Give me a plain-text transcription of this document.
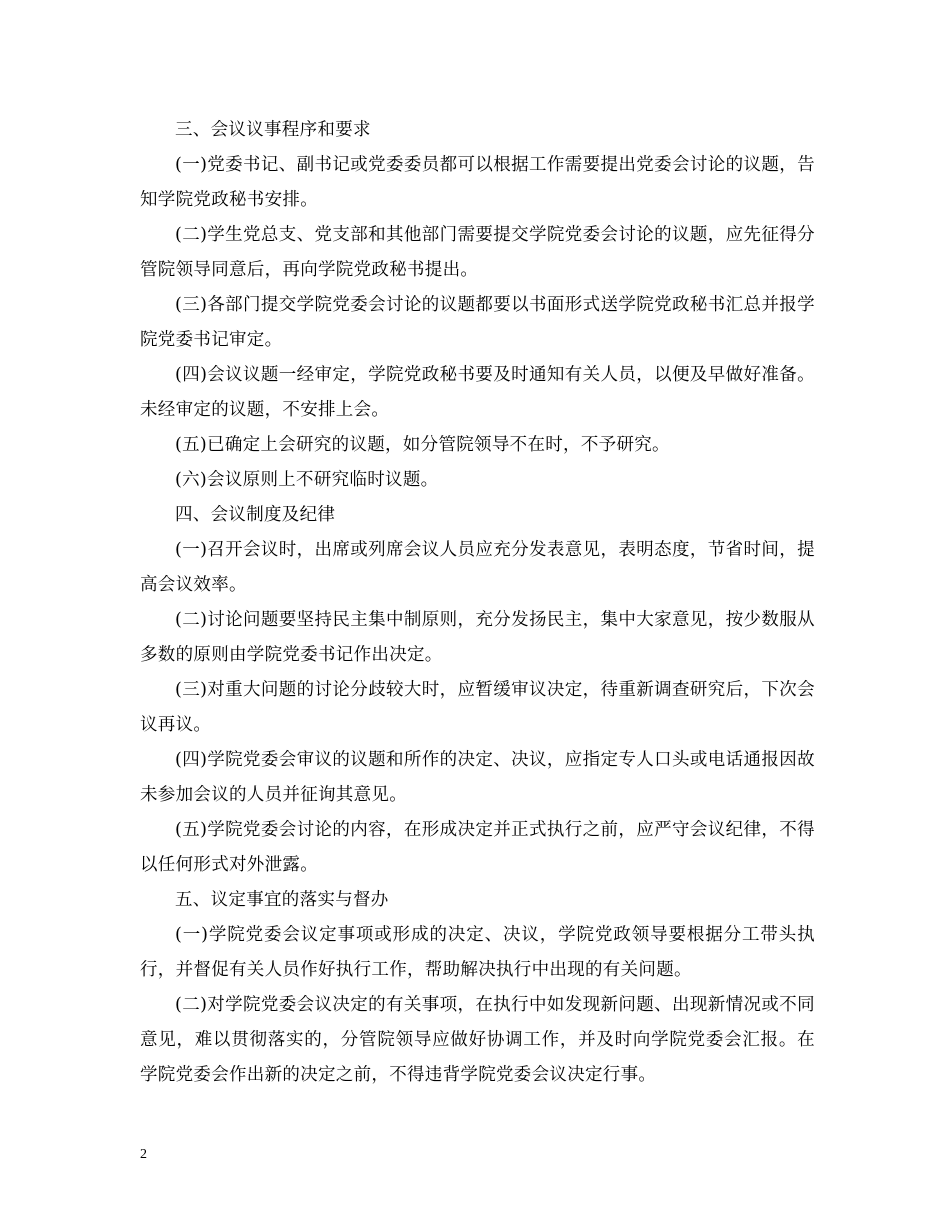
三、会议议事程序和要求

(一)党委书记、副书记或党委委员都可以根据工作需要提出党委会讨论的议题，告知学院党政秘书安排。

(二)学生党总支、党支部和其他部门需要提交学院党委会讨论的议题，应先征得分管院领导同意后，再向学院党政秘书提出。

(三)各部门提交学院党委会讨论的议题都要以书面形式送学院党政秘书汇总并报学院党委书记审定。

(四)会议议题一经审定，学院党政秘书要及时通知有关人员，以便及早做好准备。未经审定的议题，不安排上会。

(五)已确定上会研究的议题，如分管院领导不在时，不予研究。

(六)会议原则上不研究临时议题。

四、会议制度及纪律

(一)召开会议时，出席或列席会议人员应充分发表意见，表明态度，节省时间，提高会议效率。

(二)讨论问题要坚持民主集中制原则，充分发扬民主，集中大家意见，按少数服从多数的原则由学院党委书记作出决定。

(三)对重大问题的讨论分歧较大时，应暂缓审议决定，待重新调查研究后，下次会议再议。

(四)学院党委会审议的议题和所作的决定、决议，应指定专人口头或电话通报因故未参加会议的人员并征询其意见。

(五)学院党委会讨论的内容，在形成决定并正式执行之前，应严守会议纪律，不得以任何形式对外泄露。

五、议定事宜的落实与督办

(一)学院党委会议定事项或形成的决定、决议，学院党政领导要根据分工带头执行，并督促有关人员作好执行工作，帮助解决执行中出现的有关问题。

(二)对学院党委会议决定的有关事项，在执行中如发现新问题、出现新情况或不同意见，难以贯彻落实的，分管院领导应做好协调工作，并及时向学院党委会汇报。在学院党委会作出新的决定之前，不得违背学院党委会议决定行事。

2
